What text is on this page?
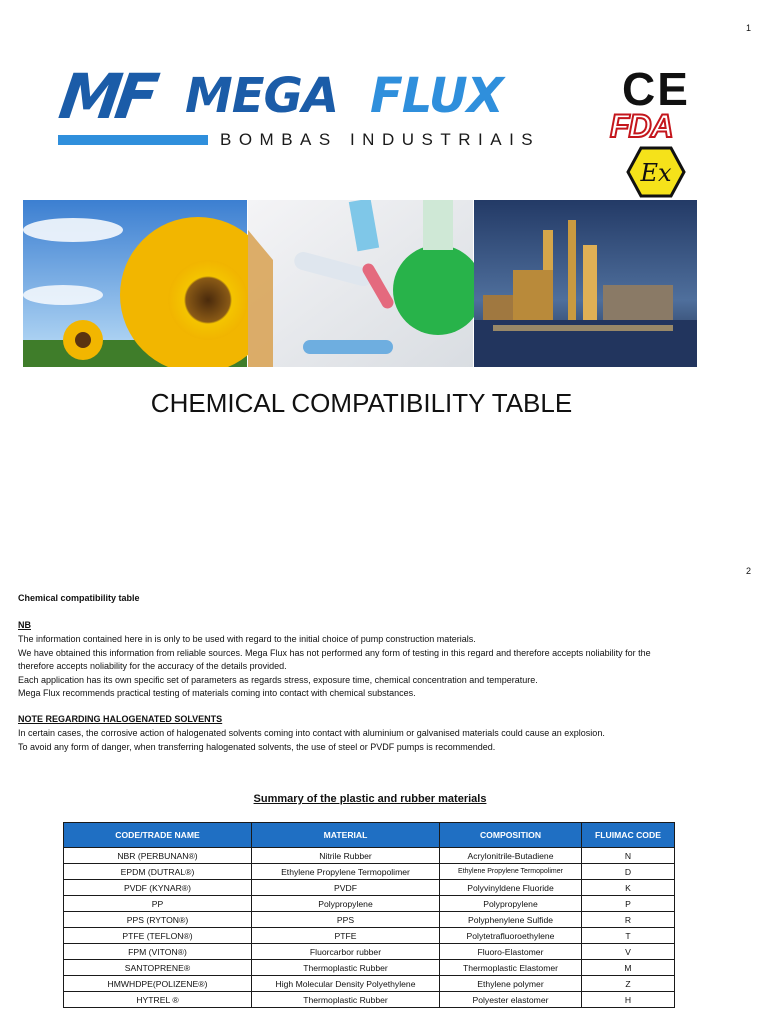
1
MF MEGA FLUX
BOMBAS INDUSTRIAIS
CE
FDA
Ex
CHEMICAL COMPATIBILITY TABLE
2
Chemical compatibility table
NB
The information contained here in is only to be used with regard to the initial choice of pump construction materials.
We have obtained this information from reliable sources. Mega Flux has not performed any form of testing in this regard and therefore accepts noliability for the
therefore accepts noliability for the accuracy of the details provided.
Each application has its own specific set of parameters as regards stress, exposure time, chemical concentration and temperature.
Mega Flux recommends practical testing of materials coming into contact with chemical substances.
NOTE REGARDING HALOGENATED SOLVENTS
In certain cases, the corrosive action of halogenated solvents coming into contact with aluminium or galvanised materials could cause an explosion.
To avoid any form of danger, when transferring halogenated solvents, the use of steel or PVDF pumps is recommended.
Summary of the plastic and rubber materials
CODE/TRADE NAME	MATERIAL	COMPOSITION	FLUIMAC CODE
NBR (PERBUNAN®)	Nitrile Rubber	Acrylonitrile-Butadiene	N
EPDM (DUTRAL®)	Ethylene Propylene Termopolimer	Ethylene Propylene Termopolimer	D
PVDF (KYNAR®)	PVDF	Polyvinyldene Fluoride	K
PP	Polypropylene	Polypropylene	P
PPS (RYTON®)	PPS	Polyphenylene Sulfide	R
PTFE (TEFLON®)	PTFE	Polytetrafluoroethylene	T
FPM (VITON®)	Fluorcarbor rubber	Fluoro-Elastomer	V
SANTOPRENE®	Thermoplastic Rubber	Thermoplastic Elastomer	M
HMWHDPE(POLIZENE®)	High Molecular Density Polyethylene	Ethylene polymer	Z
HYTREL ®	Thermoplastic Rubber	Polyester elastomer	H
